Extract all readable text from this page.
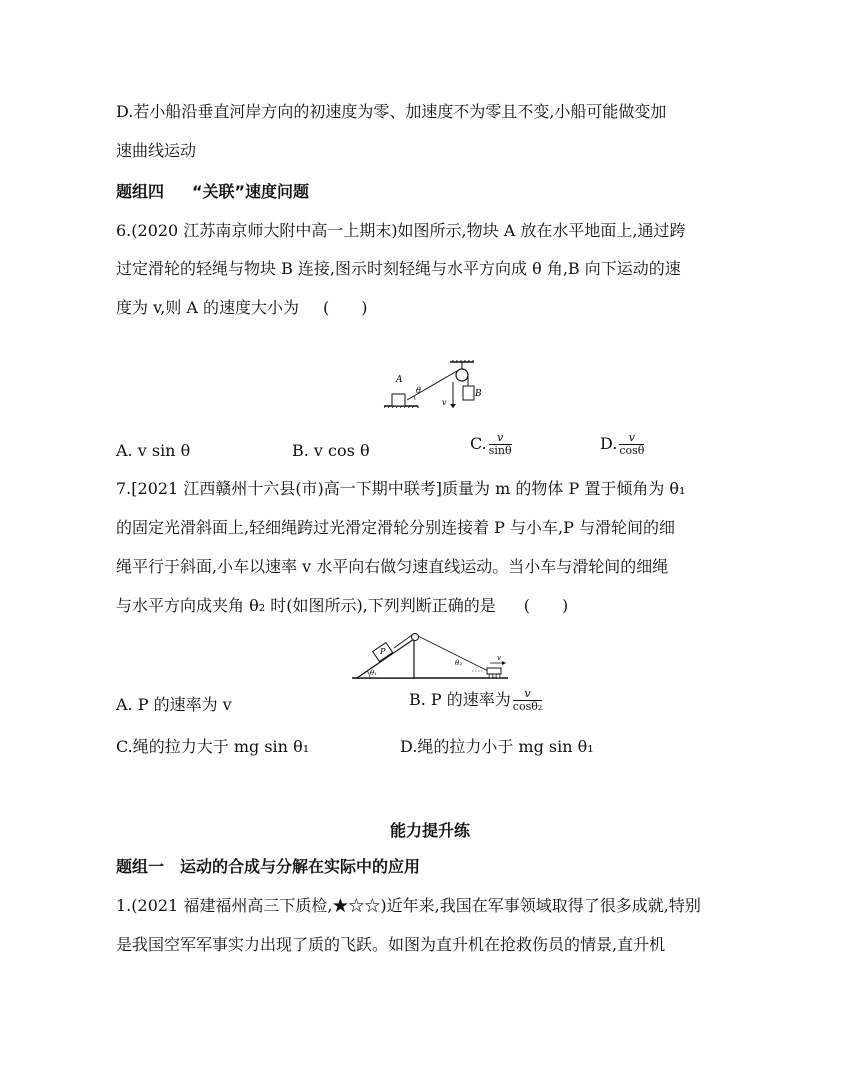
D.若小船沿垂直河岸方向的初速度为零、加速度不为零且不变,小船可能做变加
速曲线运动
题组四 “关联”速度问题
6.(2020 江苏南京师大附中高一上期末)如图所示,物块 A 放在水平地面上,通过跨
过定滑轮的轻绳与物块 B 连接,图示时刻轻绳与水平方向成 θ 角,B 向下运动的速
度为 v,则 A 的速度大小为 (　　)
A
θ	B
v
A. v sin θ	B. v cos θ	C. $\frac{v}{\sin\theta}$	D. $\frac{v}{\cos\theta}$
7.[2021 江西赣州十六县(市)高一下期中联考]质量为 m 的物体 P 置于倾角为 θ₁
的固定光滑斜面上,轻细绳跨过光滑定滑轮分别连接着 P 与小车,P 与滑轮间的细
绳平行于斜面,小车以速率 v 水平向右做匀速直线运动。当小车与滑轮间的细绳
与水平方向成夹角 θ₂ 时(如图所示),下列判断正确的是 (　　)
P
θ₁
θ₂
v
A. P 的速率为 v	B. P 的速率为 $\frac{v}{\text{cosθ₂}}$
C.绳的拉力大于 mg sin θ₁	D.绳的拉力小于 mg sin θ₁
能力提升练
题组一 运动的合成与分解在实际中的应用
1.(2021 福建福州高三下质检,★☆☆)近年来,我国在军事领域取得了很多成就,特别
是我国空军军事实力出现了质的飞跃。如图为直升机在抢救伤员的情景,直升机
